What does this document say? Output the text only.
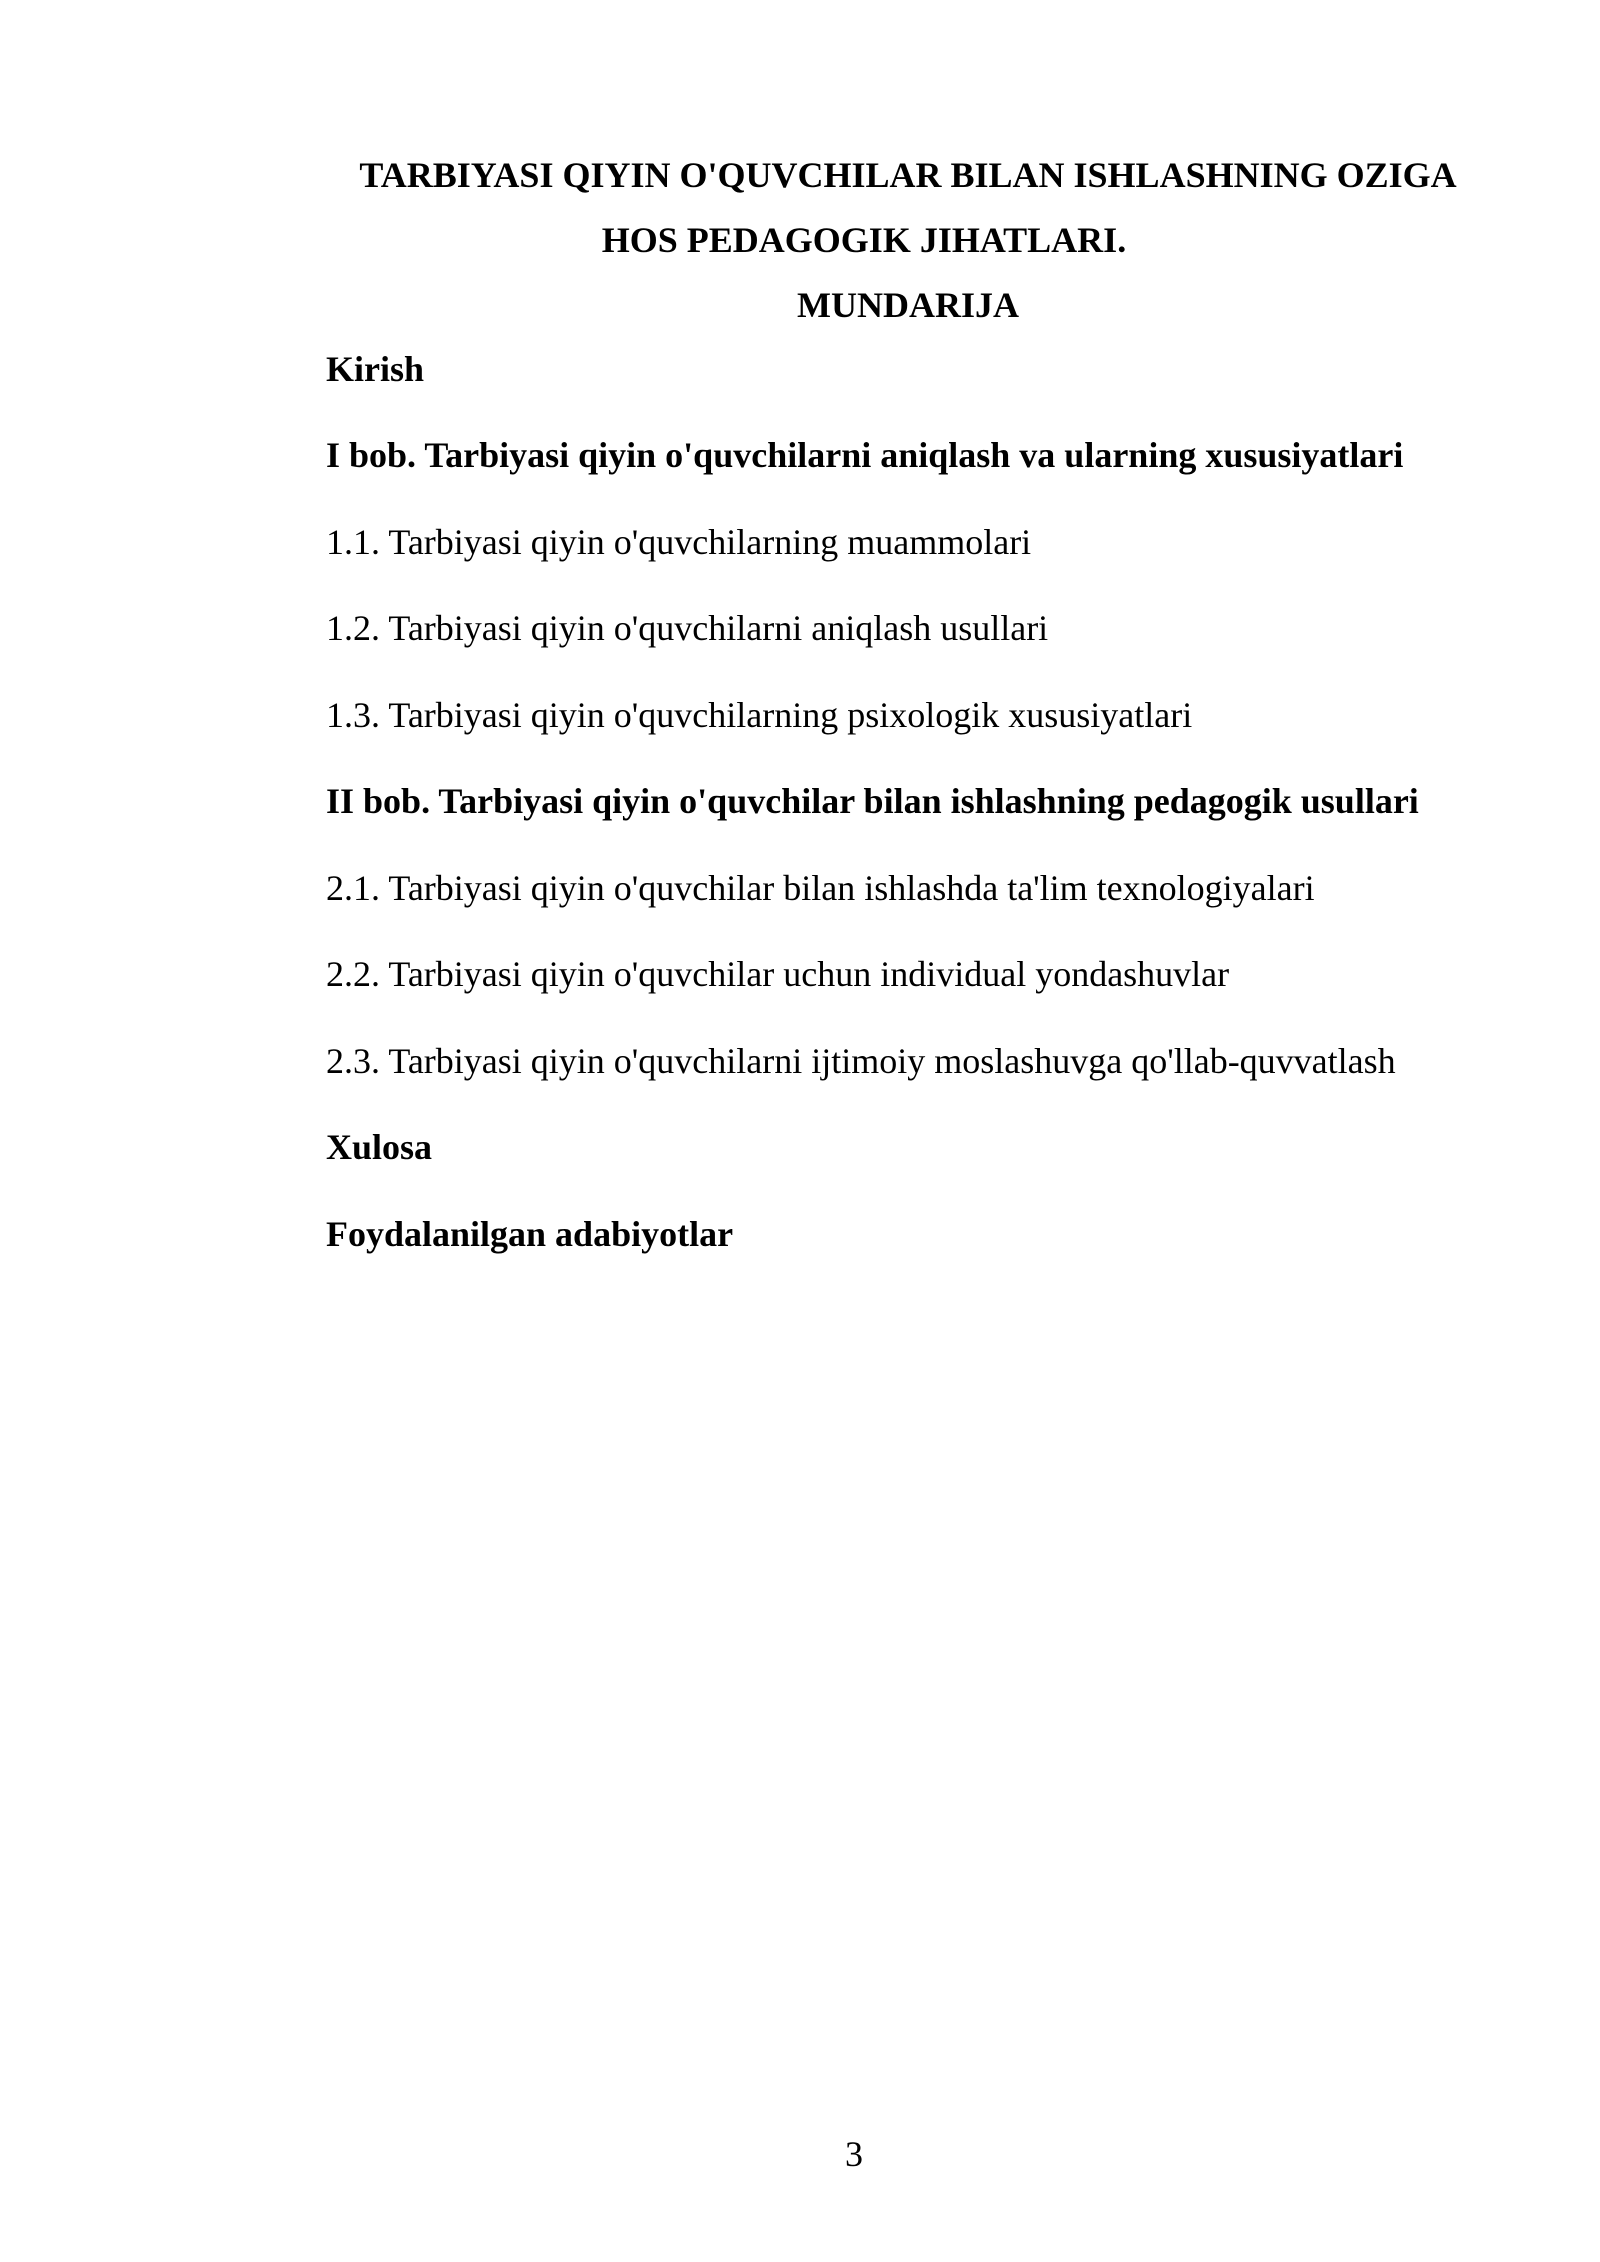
TARBIYASI QIYIN O'QUVCHILAR BILAN ISHLASHNING OZIGA
HOS PEDAGOGIK JIHATLARI.
MUNDARIJA
Kirish
I bob. Tarbiyasi qiyin o'quvchilarni aniqlash va ularning xususiyatlari
1.1. Tarbiyasi qiyin o'quvchilarning muammolari
1.2. Tarbiyasi qiyin o'quvchilarni aniqlash usullari
1.3. Tarbiyasi qiyin o'quvchilarning psixologik xususiyatlari
II bob. Tarbiyasi qiyin o'quvchilar bilan ishlashning pedagogik usullari
2.1. Tarbiyasi qiyin o'quvchilar bilan ishlashda ta'lim texnologiyalari
2.2. Tarbiyasi qiyin o'quvchilar uchun individual yondashuvlar
2.3. Tarbiyasi qiyin o'quvchilarni ijtimoiy moslashuvga qo'llab-quvvatlash
Xulosa
Foydalanilgan adabiyotlar
3
